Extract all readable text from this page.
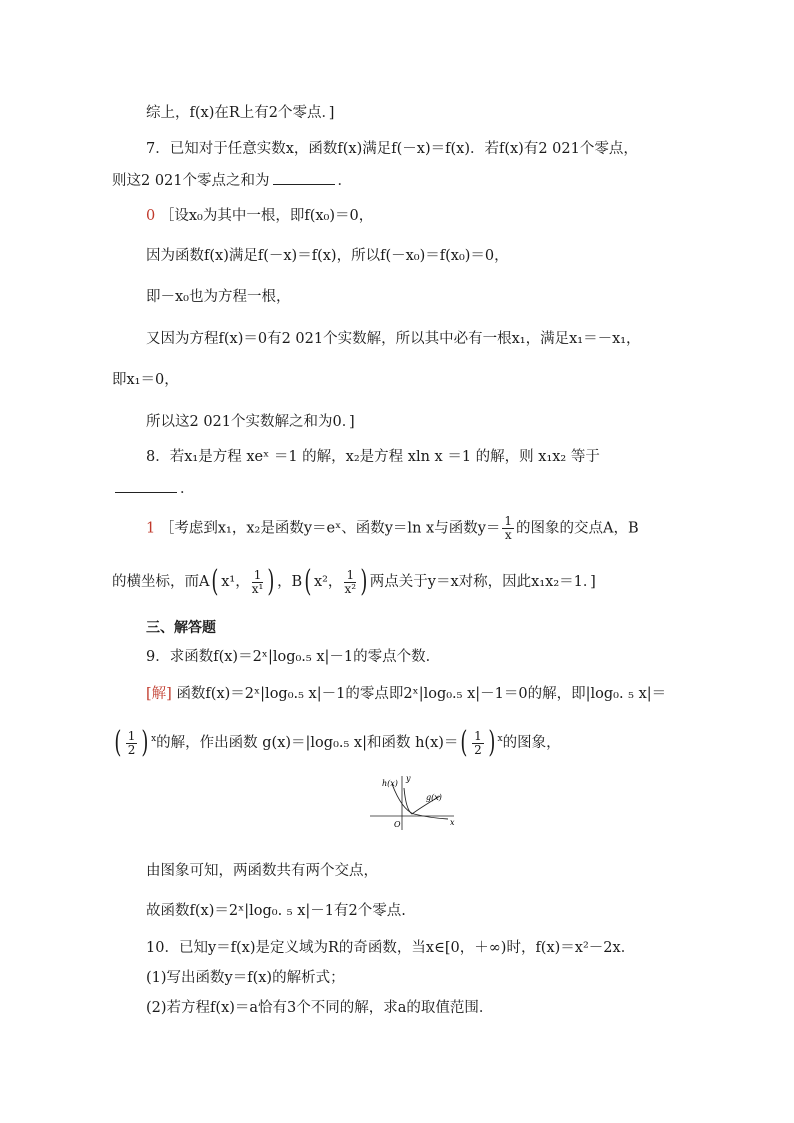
综上，f(x)在R上有2个零点．]
7．已知对于任意实数x，函数f(x)满足f(－x)＝f(x)．若f(x)有2 021个零点，
则这2 021个零点之和为	．
0 ［设x₀为其中一根，即f(x₀)＝0，
因为函数f(x)满足f(－x)＝f(x)，所以f(－x₀)＝f(x₀)＝0，
即－x₀也为方程一根，
又因为方程f(x)＝0有2 021个实数解，所以其中必有一根x₁，满足x₁＝－x₁，
即x₁＝0，
所以这2 021个实数解之和为0．]
8．若x₁是方程 xeˣ ＝1 的解，x₂是方程 xln x ＝1 的解，则 x₁x₂ 等于
．
1 ［考虑到x₁，x₂是函数y＝eˣ、函数y＝ln x与函数$y= \frac{1}{x}$ 的图象的交点A，B
的横坐标，而A( x¹， $\frac{1}{\text{x¹}}$ ) ，B( x²， $\frac{1}{\text{x²}}$ ) 两点关于y＝x对称，因此x₁x₂＝1．]
三、解答题
9．求函数f(x)＝2ˣ|log₀.₅ x|－1的零点个数．
[解] 函数f(x)＝2ˣ|log₀.₅ x|－1的零点即2ˣ|log₀.₅ x|－1＝0的解，即|log₀. ₅ x|＝
( $\frac{1}{2}$ ) $^x$的解，作出函数 g(x)＝|log₀.₅ x|和函数 $h(x)=( \frac{1}{2}$ ) $^x$的图象，
h(x)
y
g(x)
O	x
由图象可知，两函数共有两个交点，
故函数f(x)＝2ˣ|log₀. ₅ x|－1有2个零点.
10．已知y＝f(x)是定义域为R的奇函数，当x∈[0，＋∞)时，f(x)＝x²－2x．
(1)写出函数y＝f(x)的解析式；
(2)若方程f(x)＝a恰有3个不同的解，求a的取值范围．
